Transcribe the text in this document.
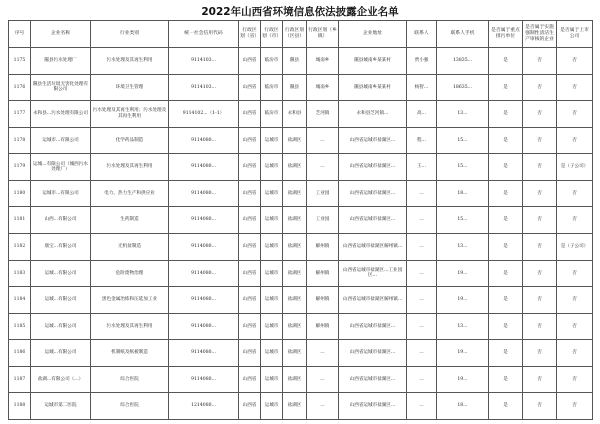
2022年山西省环境信息依法披露企业名单
序号	企业名称	行业类别	统一社会信用代码	行政区划（省）	行政区划（市）	行政区划（区县）	行政区划（乡镇）	企业地址	联系人	联系人手机	是否属于重点排污单位	是否属于实施强制性清洁生产审核的企业	是否属于上市公司
1175	隰县污水处理厂	污水处理及其再生利用	9114103...	山西省	临汾市	隰县	城南乡	隰县城南乡某某村	贾小强	13835...	是	否	否
1176	隰县生活垃圾无害化处理有限公司	环境卫生管理	9114103...	山西省	临汾市	隰县	城南乡	隰县城南乡某某村	杨智...	18635...	是	否	否
1177	永和县...污水处理有限公司	污水处理及其再生利用；污水处理及其再生利用	9114102...（1-1）	山西省	临汾市	永和县	芝河镇	永和县芝河镇...	高...	13...	是	否	否
1178	运城市...有限公司	化学药品制造	9114080...	山西省	运城市	盐湖区	...	山西省运城市盐湖区...	程...	15...	是	否	否
1179	运城...有限公司（城西污水处理厂）	污水处理及其再生利用	9114080...	山西省	运城市	盐湖区	...	山西省运城市盐湖区...	王...	15...	是	否	是（子公司）
1180	运城市...有限公司	电力、热力生产和供应业	9114080...	山西省	运城市	盐湖区	工业园	山西省运城市盐湖区...	...	18...	是	否	否
1181	山西...有限公司	生药制造	9114080...	山西省	运城市	盐湖区	工业园	山西省运城市盐湖区...	...	15...	是	否	否
1182	康宝...有限公司	无机盐制造	9114080...	山西省	运城市	盐湖区	解州镇	山西省运城市盐湖区解州镇...	...	13...	是	否	是（子公司）
1183	运城...有限公司	危险废物治理	9114080...	山西省	运城市	盐湖区	解州镇	山西省运城市盐湖区...工业园区...	...	19...	是	否	否
1184	运城...有限公司	黑色金属冶炼和压延加工业	9114080...	山西省	运城市	盐湖区	解州镇	山西省运城市盐湖区解州镇...	...	19...	是	否	否
1185	运城...有限公司	污水处理及其再生利用	9114080...	山西省	运城市	盐湖区	解州镇	山西省运城市盐湖区...	...	13...	是	否	否
1186	运城...有限公司	机制纸及纸板制造	9114080...	山西省	运城市	盐湖区	...	山西省运城市盐湖区...	...	19...	是	否	否
1187	盐湖...有限公司（...）	综合医院	9114080...	山西省	运城市	盐湖区	...	山西省运城市盐湖区...	...	19...	是	否	否
1188	运城市第二医院	综合医院	1214080...	山西省	运城市	盐湖区	...	山西省运城市盐湖区...	...	18...	是	否	否
